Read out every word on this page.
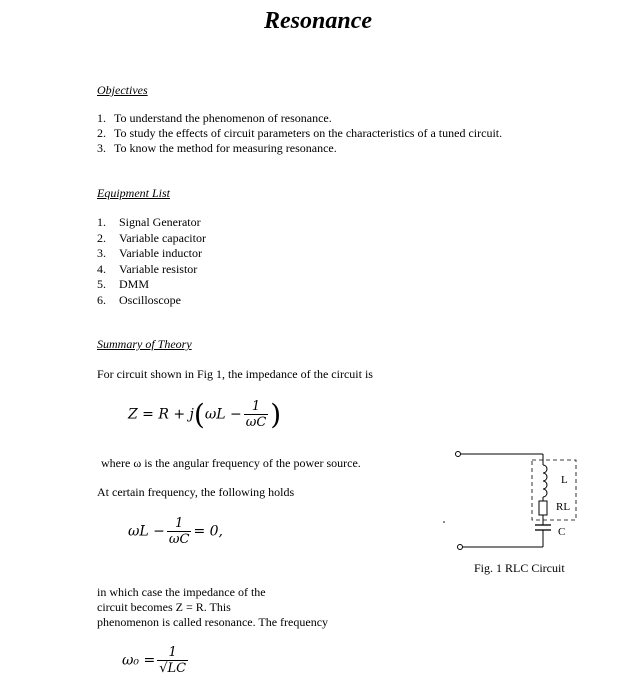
Resonance
Objectives
1. To understand the phenomenon of resonance.
2. To study the effects of circuit parameters on the characteristics of a tuned circuit.
3. To know the method for measuring resonance.
Equipment List
1. Signal Generator
2. Variable capacitor
3. Variable inductor
4. Variable resistor
5. DMM
6. Oscilloscope
Summary of Theory
For circuit shown in Fig 1, the impedance of the circuit is
$Z = R + j(\omega L - \frac{1}{\omega C}$ )
where ω is the angular frequency of the power source.
At certain frequency, the following holds
$\omega L - \frac{1}{\omega C} = 0$,
in which case the impedance of the
circuit becomes Z = R. This
phenomenon is called resonance. The frequency
$\omega_0 = \frac{1}{√LC}$
L
RL
C
Fig. 1 RLC Circuit
